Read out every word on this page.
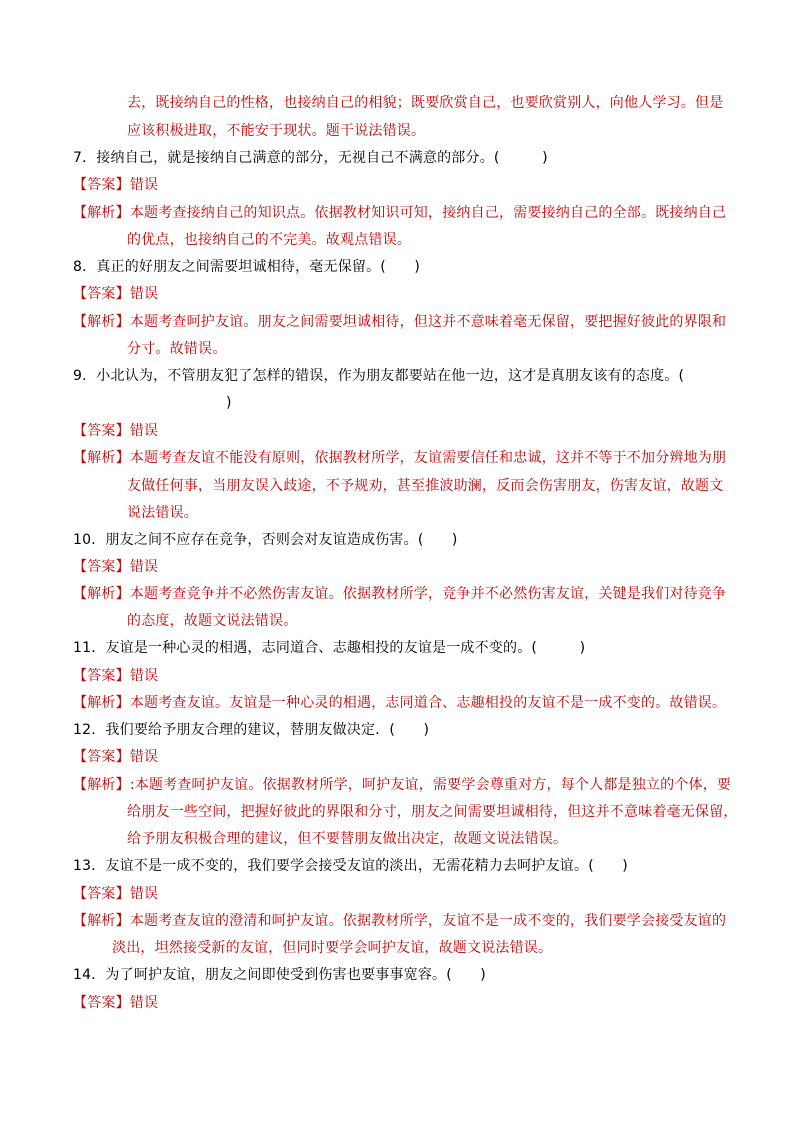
去，既接纳自己的性格，也接纳自己的相貌；既要欣赏自己，也要欣赏别人，向他人学习。但是
应该积极进取，不能安于现状。题干说法错误。
7．接纳自己，就是接纳自己满意的部分，无视自己不满意的部分。(　　　)
【答案】错误
【解析】本题考查接纳自己的知识点。依据教材知识可知，接纳自己，需要接纳自己的全部。既接纳自己
的优点，也接纳自己的不完美。故观点错误。
8．真正的好朋友之间需要坦诚相待，毫无保留。(　　)
【答案】错误
【解析】本题考查呵护友谊。朋友之间需要坦诚相待，但这并不意味着毫无保留，要把握好彼此的界限和
分寸。故错误。
9．小北认为，不管朋友犯了怎样的错误，作为朋友都要站在他一边，这才是真朋友该有的态度。(
)
【答案】错误
【解析】本题考查友谊不能没有原则，依据教材所学，友谊需要信任和忠诚，这并不等于不加分辨地为朋
友做任何事，当朋友误入歧途，不予规劝，甚至推波助澜，反而会伤害朋友，伤害友谊，故题文
说法错误。
10．朋友之间不应存在竞争，否则会对友谊造成伤害。(　　)
【答案】错误
【解析】本题考查竞争并不必然伤害友谊。依据教材所学，竞争并不必然伤害友谊，关键是我们对待竞争
的态度，故题文说法错误。
11．友谊是一种心灵的相遇，志同道合、志趣相投的友谊是一成不变的。(　　　)
【答案】错误
【解析】本题考查友谊。友谊是一种心灵的相遇，志同道合、志趣相投的友谊不是一成不变的。故错误。
12．我们要给予朋友合理的建议，替朋友做决定．(　　)
【答案】错误
【解析】:本题考查呵护友谊。依据教材所学，呵护友谊，需要学会尊重对方，每个人都是独立的个体，要
给朋友一些空间，把握好彼此的界限和分寸，朋友之间需要坦诚相待，但这并不意味着毫无保留，
给予朋友积极合理的建议，但不要替朋友做出决定，故题文说法错误。
13．友谊不是一成不变的，我们要学会接受友谊的淡出，无需花精力去呵护友谊。(　　)
【答案】错误
【解析】本题考查友谊的澄清和呵护友谊。依据教材所学，友谊不是一成不变的，我们要学会接受友谊的
淡出，坦然接受新的友谊，但同时要学会呵护友谊，故题文说法错误。
14．为了呵护友谊，朋友之间即使受到伤害也要事事宽容。(　　)
【答案】错误
